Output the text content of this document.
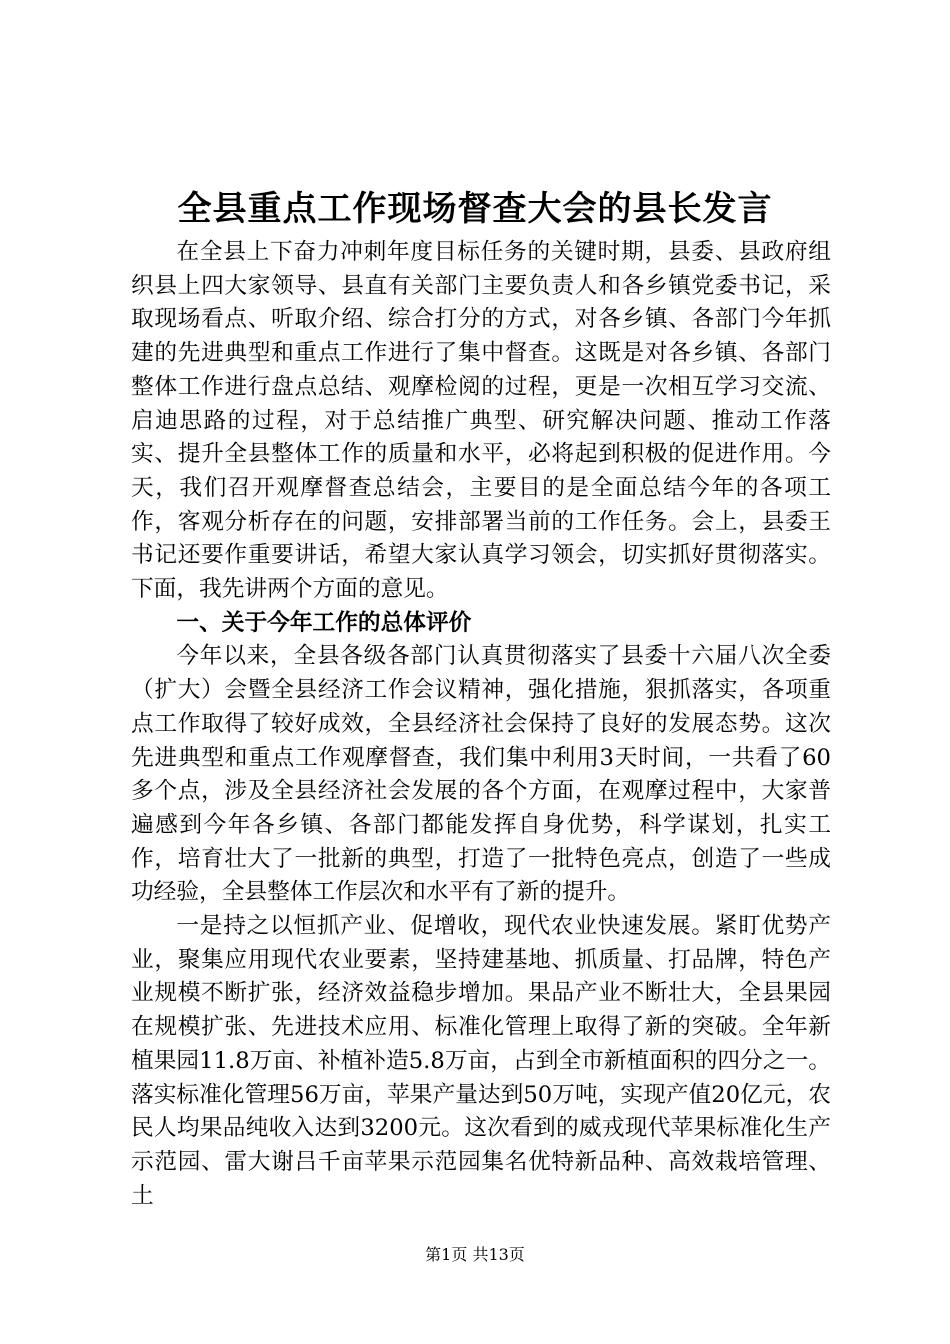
全县重点工作现场督查大会的县长发言

在全县上下奋力冲刺年度目标任务的关键时期，县委、县政府组织县上四大家领导、县直有关部门主要负责人和各乡镇党委书记，采取现场看点、听取介绍、综合打分的方式，对各乡镇、各部门今年抓建的先进典型和重点工作进行了集中督查。这既是对各乡镇、各部门整体工作进行盘点总结、观摩检阅的过程，更是一次相互学习交流、启迪思路的过程，对于总结推广典型、研究解决问题、推动工作落实、提升全县整体工作的质量和水平，必将起到积极的促进作用。今天，我们召开观摩督查总结会，主要目的是全面总结今年的各项工作，客观分析存在的问题，安排部署当前的工作任务。会上，县委王书记还要作重要讲话，希望大家认真学习领会，切实抓好贯彻落实。下面，我先讲两个方面的意见。

一、关于今年工作的总体评价

今年以来，全县各级各部门认真贯彻落实了县委十六届八次全委（扩大）会暨全县经济工作会议精神，强化措施，狠抓落实，各项重点工作取得了较好成效，全县经济社会保持了良好的发展态势。这次先进典型和重点工作观摩督查，我们集中利用3天时间，一共看了60多个点，涉及全县经济社会发展的各个方面，在观摩过程中，大家普遍感到今年各乡镇、各部门都能发挥自身优势，科学谋划，扎实工作，培育壮大了一批新的典型，打造了一批特色亮点，创造了一些成功经验，全县整体工作层次和水平有了新的提升。

一是持之以恒抓产业、促增收，现代农业快速发展。紧盯优势产业，聚集应用现代农业要素，坚持建基地、抓质量、打品牌，特色产业规模不断扩张，经济效益稳步增加。果品产业不断壮大，全县果园在规模扩张、先进技术应用、标准化管理上取得了新的突破。全年新植果园11.8万亩、补植补造5.8万亩，占到全市新植面积的四分之一。落实标准化管理56万亩，苹果产量达到50万吨，实现产值20亿元，农民人均果品纯收入达到3200元。这次看到的威戎现代苹果标准化生产示范园、雷大谢吕千亩苹果示范园集名优特新品种、高效栽培管理、土

第1页 共13页
